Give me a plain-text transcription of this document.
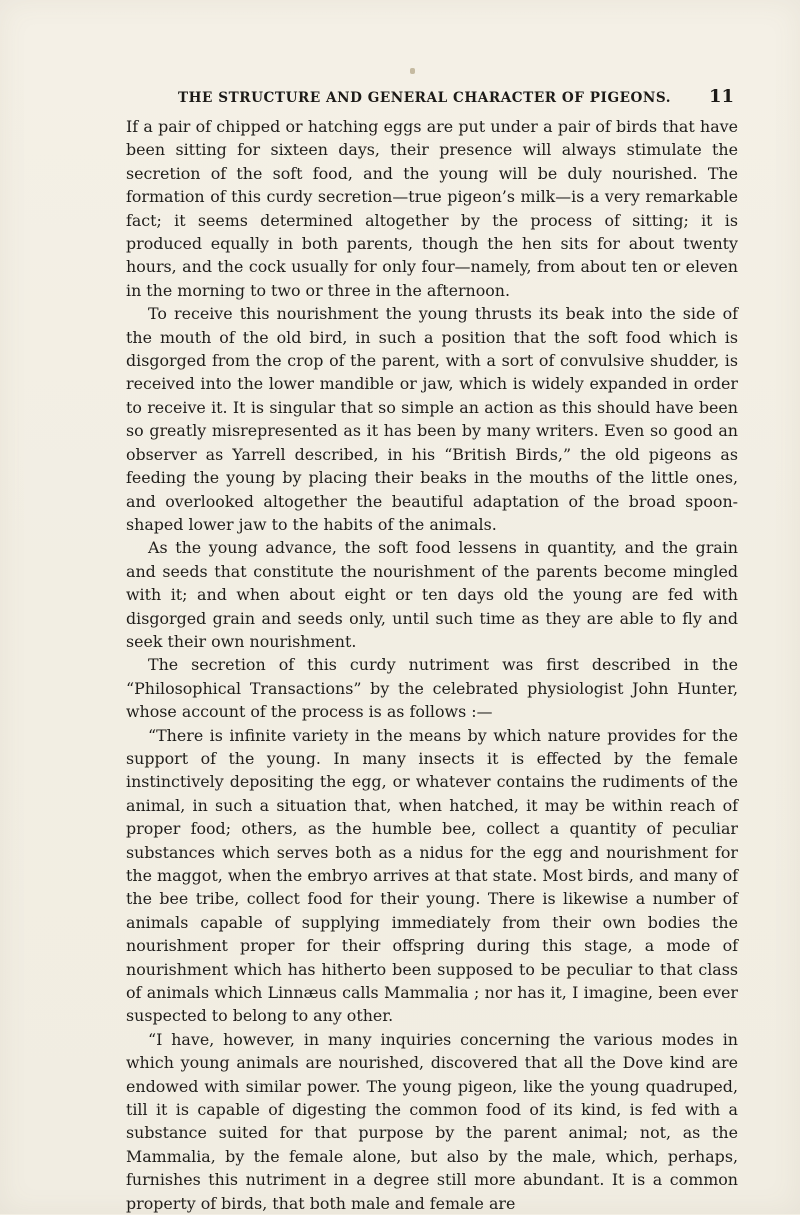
THE STRUCTURE AND GENERAL CHARACTER OF PIGEONS. 11

If a pair of chipped or hatching eggs are put under a pair of birds that have been sitting for sixteen days, their presence will always stimulate the secretion of the soft food, and the young will be duly nourished. The formation of this curdy secretion—true pigeon’s milk—is a very remarkable fact; it seems determined altogether by the process of sitting; it is produced equally in both parents, though the hen sits for about twenty hours, and the cock usually for only four—namely, from about ten or eleven in the morning to two or three in the afternoon.

To receive this nourishment the young thrusts its beak into the side of the mouth of the old bird, in such a position that the soft food which is disgorged from the crop of the parent, with a sort of convulsive shudder, is received into the lower mandible or jaw, which is widely expanded in order to receive it. It is singular that so simple an action as this should have been so greatly misrepresented as it has been by many writers. Even so good an observer as Yarrell described, in his “British Birds,” the old pigeons as feeding the young by placing their beaks in the mouths of the little ones, and overlooked altogether the beautiful adaptation of the broad spoon-shaped lower jaw to the habits of the animals.

As the young advance, the soft food lessens in quantity, and the grain and seeds that constitute the nourishment of the parents become mingled with it; and when about eight or ten days old the young are fed with disgorged grain and seeds only, until such time as they are able to fly and seek their own nourishment.

The secretion of this curdy nutriment was first described in the “Philosophical Transactions” by the celebrated physiologist John Hunter, whose account of the process is as follows :—

“There is infinite variety in the means by which nature provides for the support of the young. In many insects it is effected by the female instinctively depositing the egg, or whatever contains the rudiments of the animal, in such a situation that, when hatched, it may be within reach of proper food; others, as the humble bee, collect a quantity of peculiar substances which serves both as a nidus for the egg and nourishment for the maggot, when the embryo arrives at that state. Most birds, and many of the bee tribe, collect food for their young. There is likewise a number of animals capable of supplying immediately from their own bodies the nourishment proper for their offspring during this stage, a mode of nourishment which has hitherto been supposed to be peculiar to that class of animals which Linnæus calls Mammalia ; nor has it, I imagine, been ever suspected to belong to any other.

“I have, however, in many inquiries concerning the various modes in which young animals are nourished, discovered that all the Dove kind are endowed with similar power. The young pigeon, like the young quadruped, till it is capable of digesting the common food of its kind, is fed with a substance suited for that purpose by the parent animal; not, as the Mammalia, by the female alone, but also by the male, which, perhaps, furnishes this nutriment in a degree still more abundant. It is a common property of birds, that both male and female are
